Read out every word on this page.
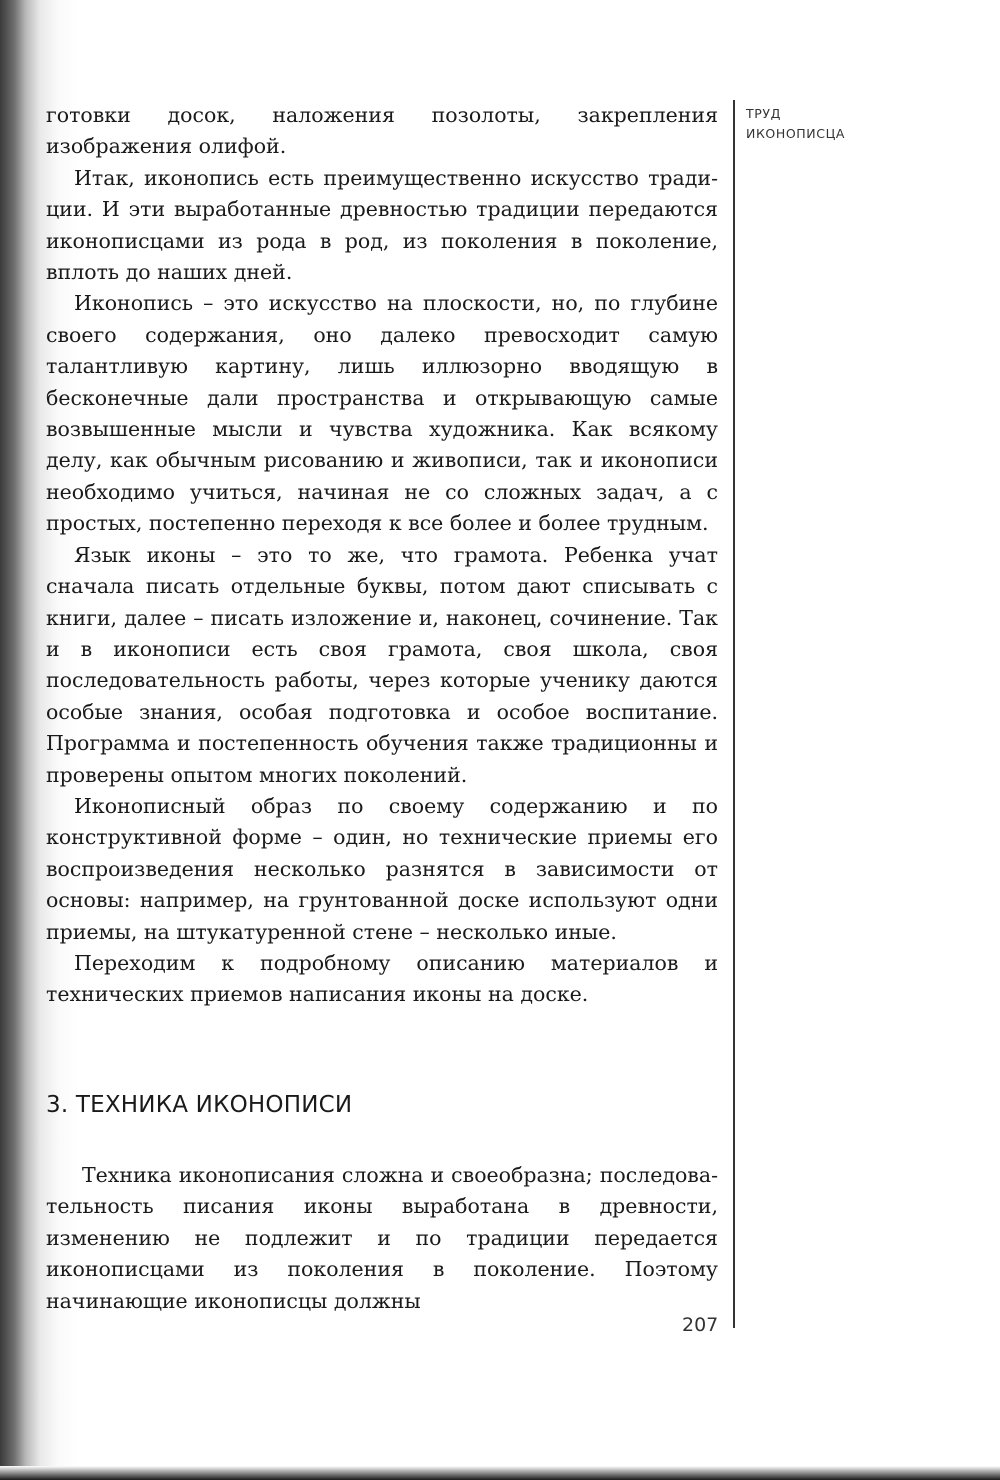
готовки досок, наложения позолоты, закрепления изображения олифой.

Итак, иконопись есть преимущественно искусство традиции. И эти выработанные древностью традиции передаются иконописцами из рода в род, из поколения в поколение, вплоть до наших дней.

Иконопись – это искусство на плоскости, но, по глубине своего содержания, оно далеко превосходит самую талантливую картину, лишь иллюзорно вводящую в бесконечные дали пространства и открывающую самые возвышенные мысли и чувства художника. Как всякому делу, как обычным рисованию и живописи, так и иконописи необходимо учиться, начиная не со сложных задач, а с простых, постепенно переходя к все более и более трудным.

Язык иконы – это то же, что грамота. Ребенка учат сначала писать отдельные буквы, потом дают списывать с книги, далее – писать изложение и, наконец, сочинение. Так и в иконописи есть своя грамота, своя школа, своя последовательность работы, через которые ученику даются особые знания, особая подготовка и особое воспитание. Программа и постепенность обучения также традиционны и проверены опытом многих поколений.

Иконописный образ по своему содержанию и по конструктивной форме – один, но технические приемы его воспроизведения несколько разнятся в зависимости от основы: например, на грунтованной доске используют одни приемы, на штукатуренной стене – несколько иные.

Переходим к подробному описанию материалов и технических приемов написания иконы на доске.

3. ТЕХНИКА ИКОНОПИСИ

Техника иконописания сложна и своеобразна; последовательность писания иконы выработана в древности, изменению не подлежит и по традиции передается иконописцами из поколения в поколение. Поэтому начинающие иконописцы должны

ТРУД
ИКОНОПИСЦА
207
